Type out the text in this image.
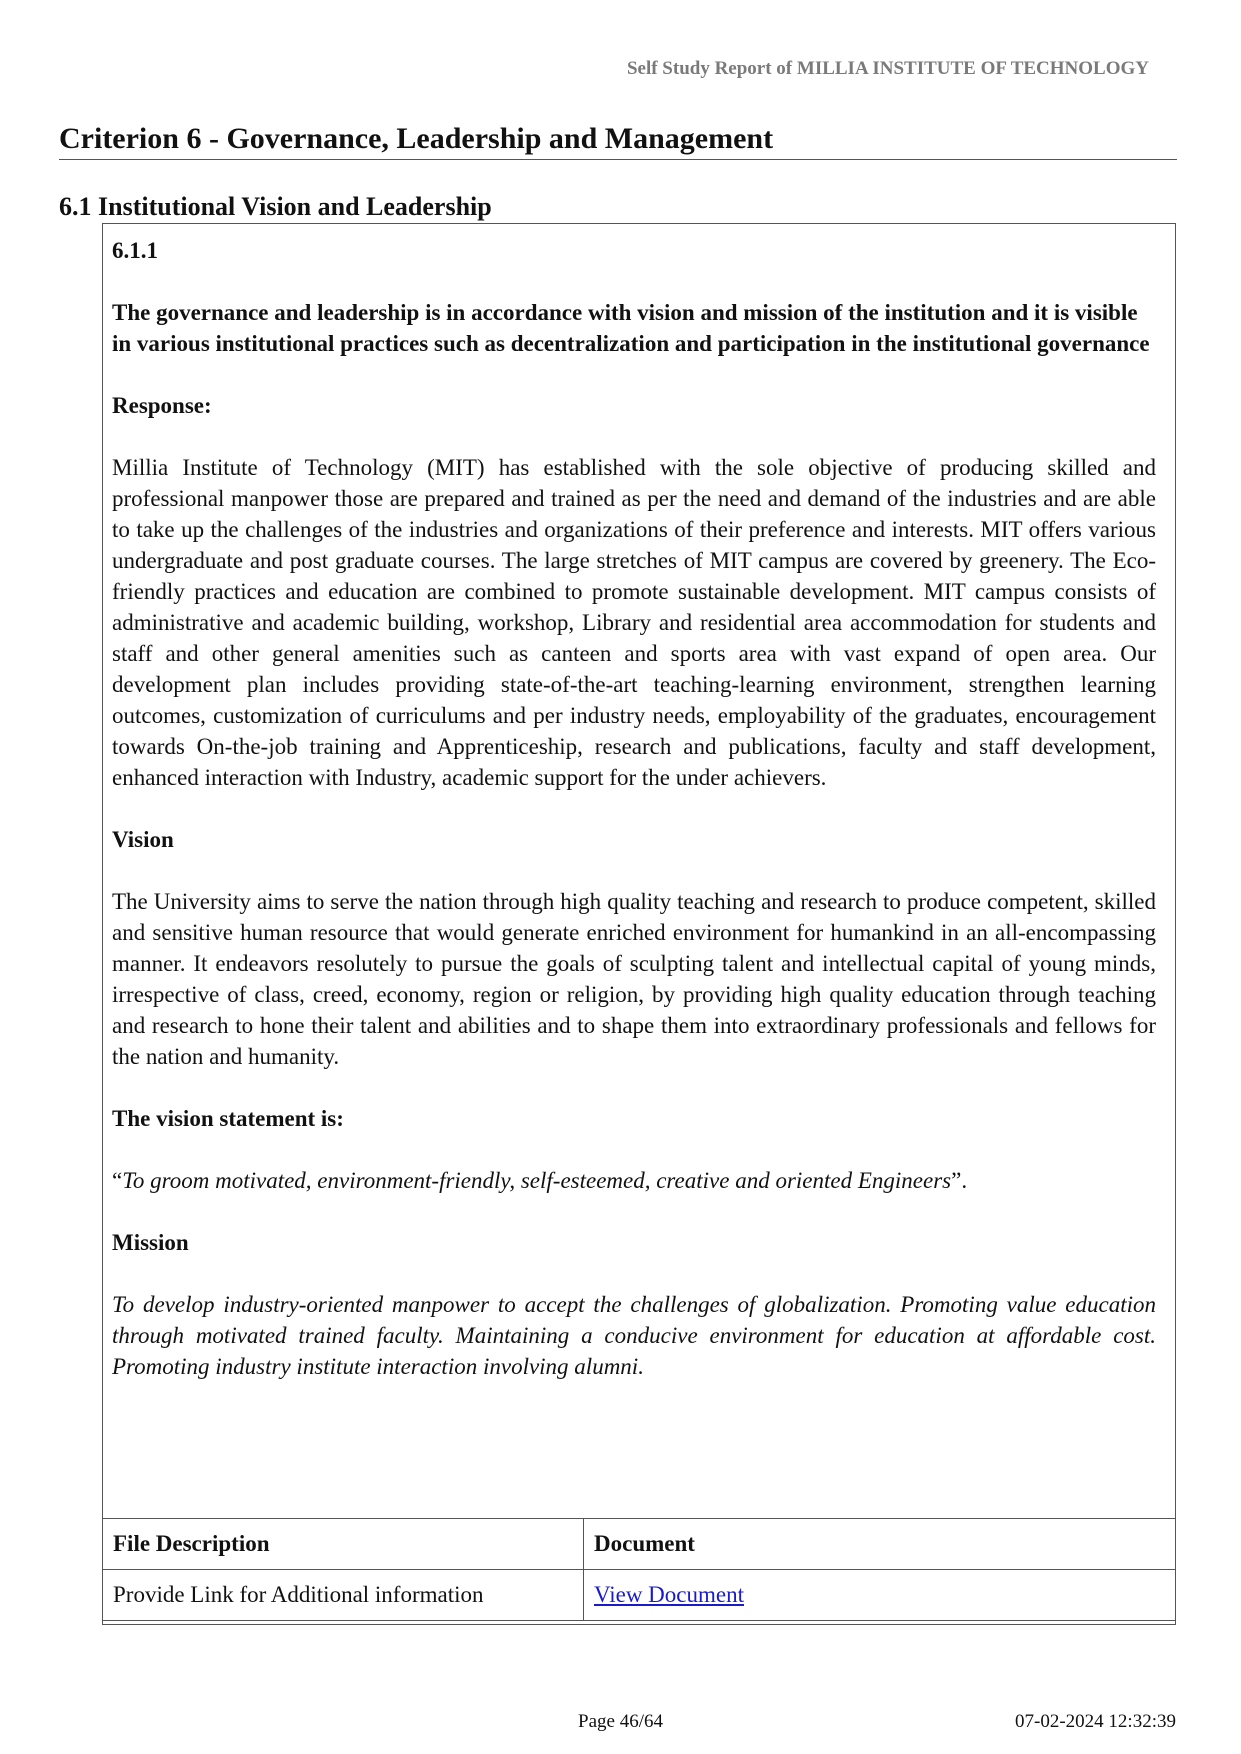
Self Study Report of MILLIA INSTITUTE OF TECHNOLOGY
Criterion 6 - Governance, Leadership and Management
6.1 Institutional Vision and Leadership

6.1.1

The governance and leadership is in accordance with vision and mission of the institution and it is visible in various institutional practices such as decentralization and participation in the institutional governance

Response:

Millia Institute of Technology (MIT) has established with the sole objective of producing skilled and professional manpower those are prepared and trained as per the need and demand of the industries and are able to take up the challenges of the industries and organizations of their preference and interests. MIT offers various undergraduate and post graduate courses. The large stretches of MIT campus are covered by greenery. The Eco-friendly practices and education are combined to promote sustainable development. MIT campus consists of administrative and academic building, workshop, Library and residential area accommodation for students and staff and other general amenities such as canteen and sports area with vast expand of open area. Our development plan includes providing state-of-the-art teaching-learning environment, strengthen learning outcomes, customization of curriculums and per industry needs, employability of the graduates, encouragement towards On-the-job training and Apprenticeship, research and publications, faculty and staff development, enhanced interaction with Industry, academic support for the under achievers.

Vision

The University aims to serve the nation through high quality teaching and research to produce competent, skilled and sensitive human resource that would generate enriched environment for humankind in an all-encompassing manner. It endeavors resolutely to pursue the goals of sculpting talent and intellectual capital of young minds, irrespective of class, creed, economy, region or religion, by providing high quality education through teaching and research to hone their talent and abilities and to shape them into extraordinary professionals and fellows for the nation and humanity.

The vision statement is:

“To groom motivated, environment-friendly, self-esteemed, creative and oriented Engineers”.

Mission

To develop industry-oriented manpower to accept the challenges of globalization. Promoting value education through motivated trained faculty. Maintaining a conducive environment for education at affordable cost. Promoting industry institute interaction involving alumni.

File Description	Document
Provide Link for Additional information	View Document
Page 46/64	07-02-2024 12:32:39
